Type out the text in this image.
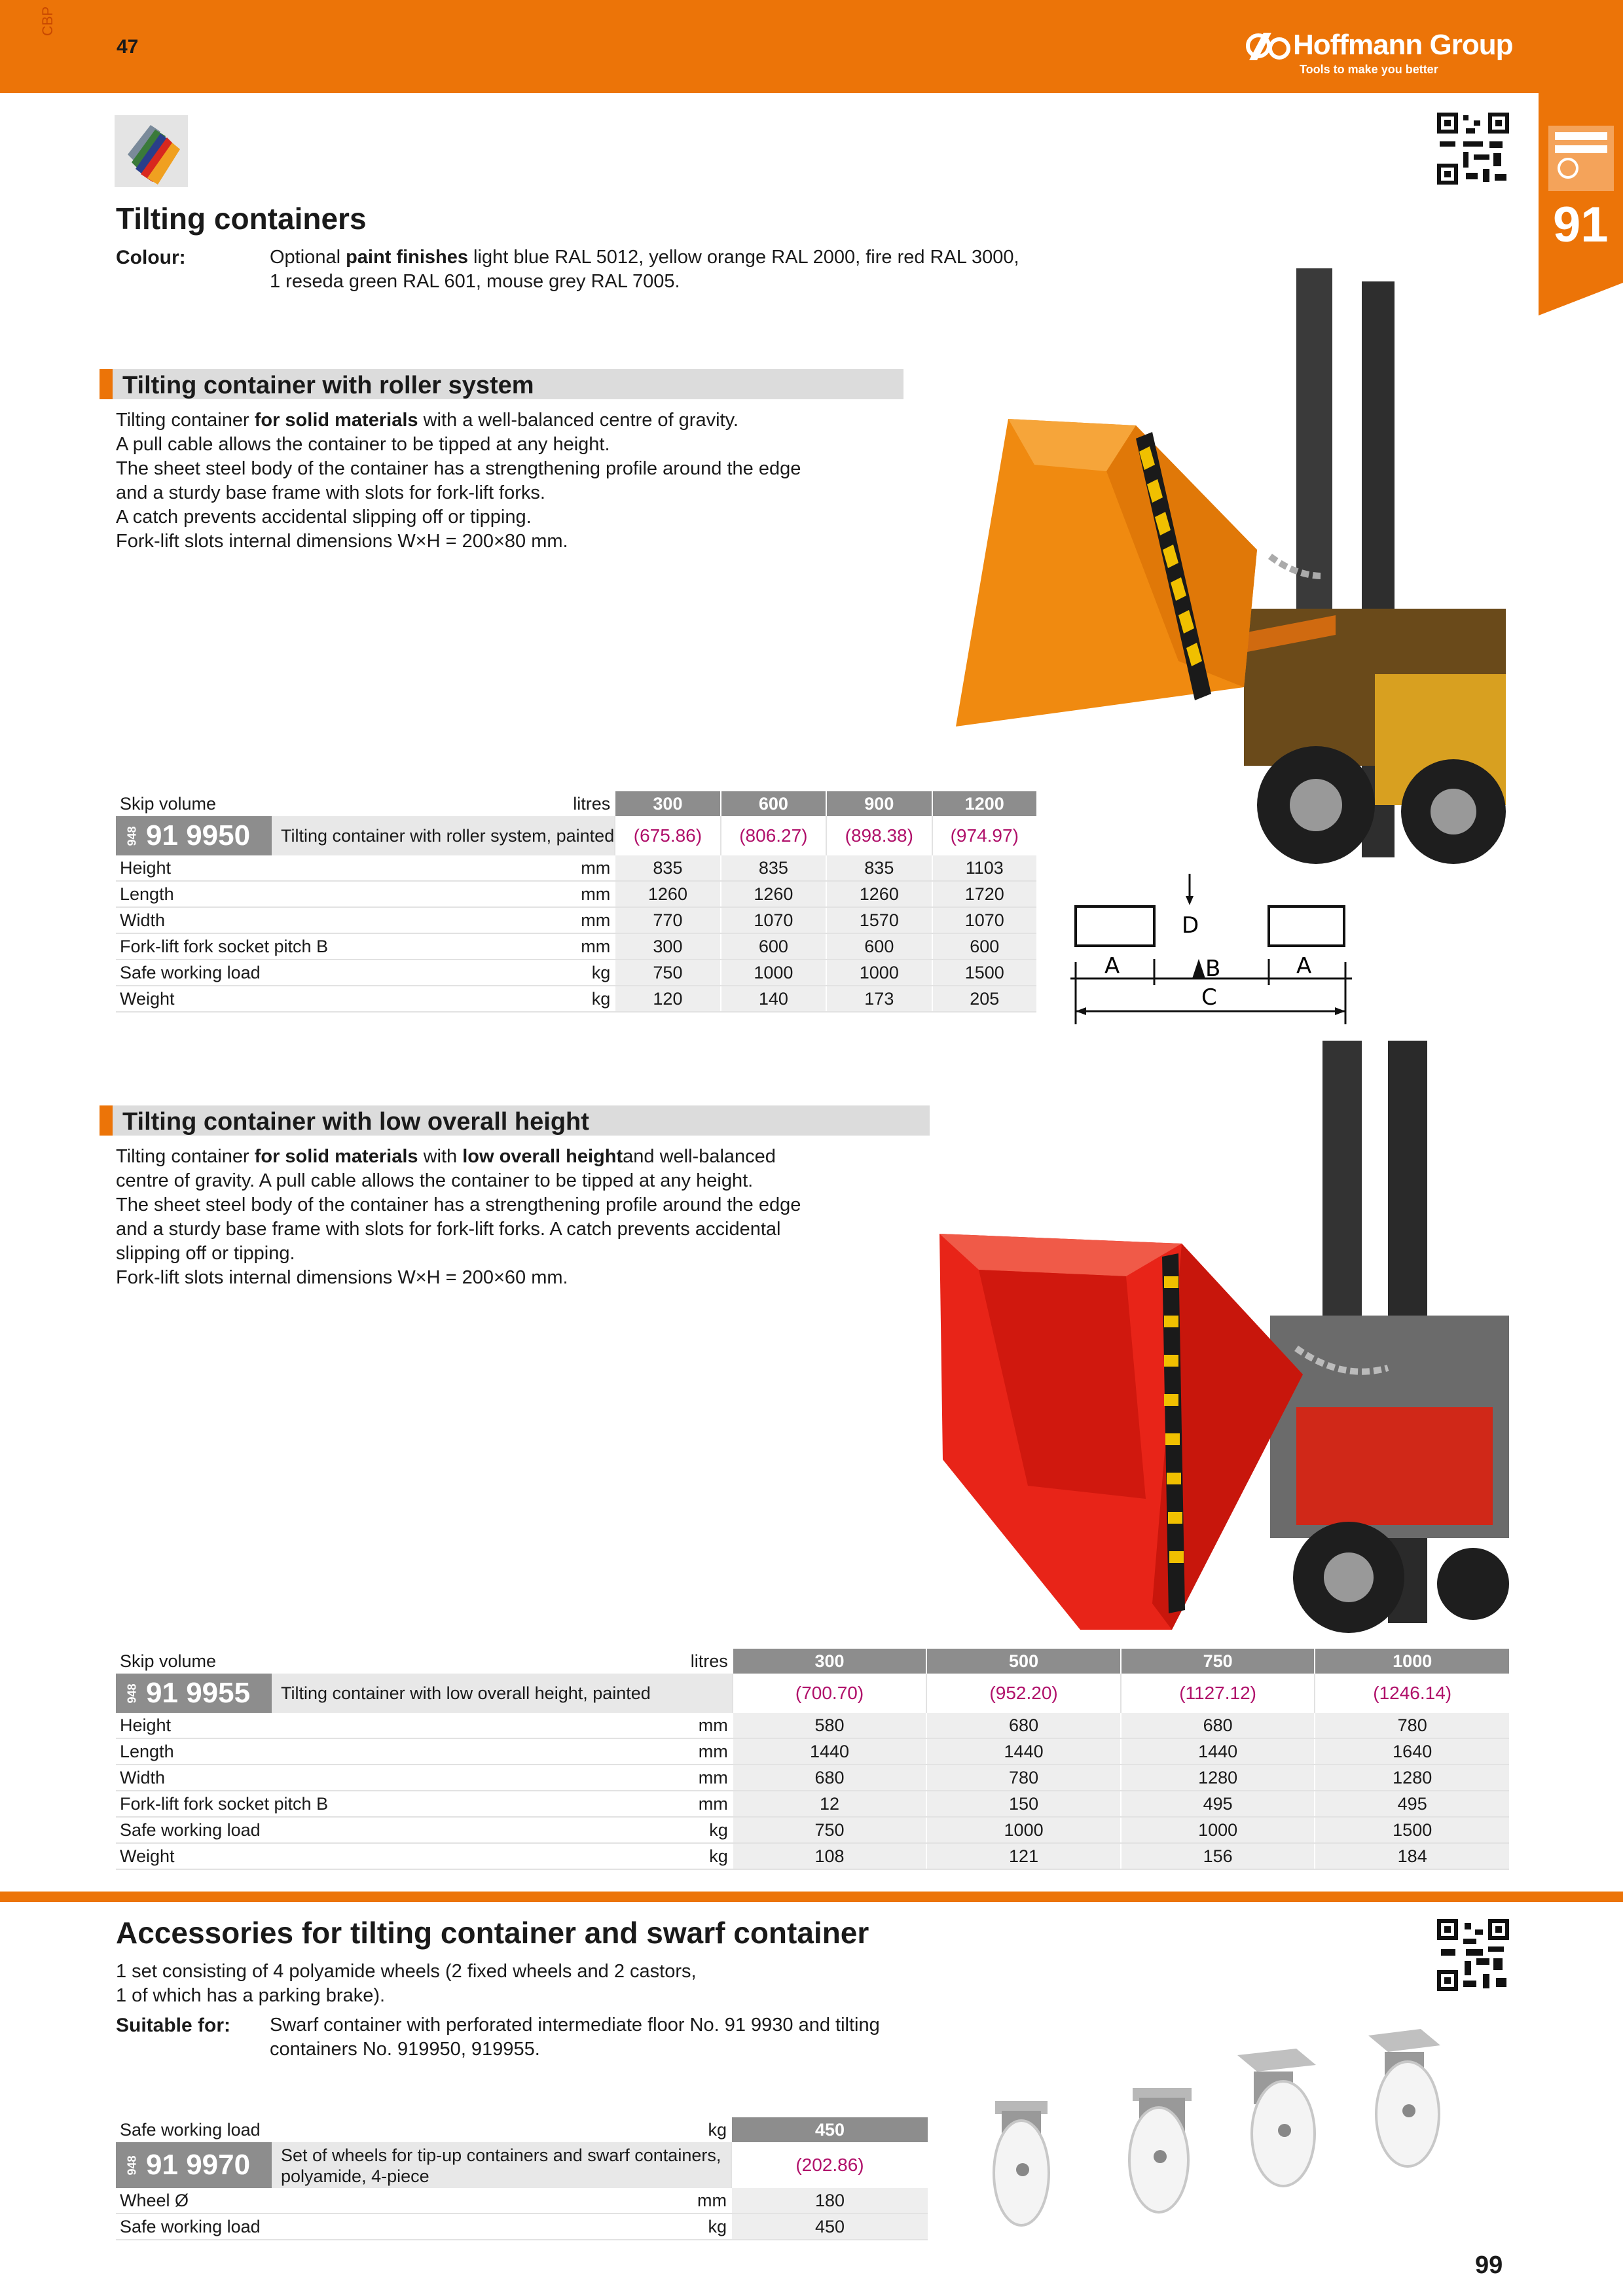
CBP
47	Hoffmann Group
Tools to make you better
91
Tilting containers
Colour:	Optional paint finishes light blue RAL 5012, yellow orange RAL 2000, fire red RAL 3000,
1 reseda green RAL 601, mouse grey RAL 7005.
Tilting container with roller system
Tilting container for solid materials with a well-balanced centre of gravity.
A pull cable allows the container to be tipped at any height.
The sheet steel body of the container has a strengthening profile around the edge
and a sturdy base frame with slots for fork-lift forks.
A catch prevents accidental slipping off or tipping.
Fork-lift slots internal dimensions W×H = 200×80 mm.
Skip volume	litres	300	600	900	1200

948 91 9950 Tilting container with roller system, painted		(675.86)	(806.27)	(898.38)	(974.97)
Height	mm	835	835	835	1103
Length	mm	1260	1260	1260	1720
Width	mm	770	1070	1570	1070
Fork-lift fork socket pitch B	mm	300	600	600	600
Safe working load	kg	750	1000	1000	1500
Weight	kg	120	140	173	205
D
A	B	A
C
Tilting container with low overall height
Tilting container for solid materials with low overall heightand well-balanced
centre of gravity. A pull cable allows the container to be tipped at any height.
The sheet steel body of the container has a strengthening profile around the edge
and a sturdy base frame with slots for fork-lift forks. A catch prevents accidental
slipping off or tipping.
Fork-lift slots internal dimensions W×H = 200×60 mm.
Skip volume	litres	300	500	750	1000

948 91 9955 Tilting container with low overall height, painted		(700.70)	(952.20)	(1127.12)	(1246.14)
Height	mm	580	680	680	780
Length	mm	1440	1440	1440	1640
Width	mm	680	780	1280	1280
Fork-lift fork socket pitch B	mm	12	150	495	495
Safe working load	kg	750	1000	1000	1500
Weight	kg	108	121	156	184
Accessories for tilting container and swarf container
1 set consisting of 4 polyamide wheels (2 fixed wheels and 2 castors,
1 of which has a parking brake).
Suitable for: Swarf container with perforated intermediate floor No. 91 9930 and tilting
containers No. 919950, 919955.
Safe working load	kg	450

948 91 9970 Set of wheels for tip-up containers and swarf containers,
polyamide, 4-piece		(202.86)
Wheel Ø	mm	180
Safe working load	kg	450
99
